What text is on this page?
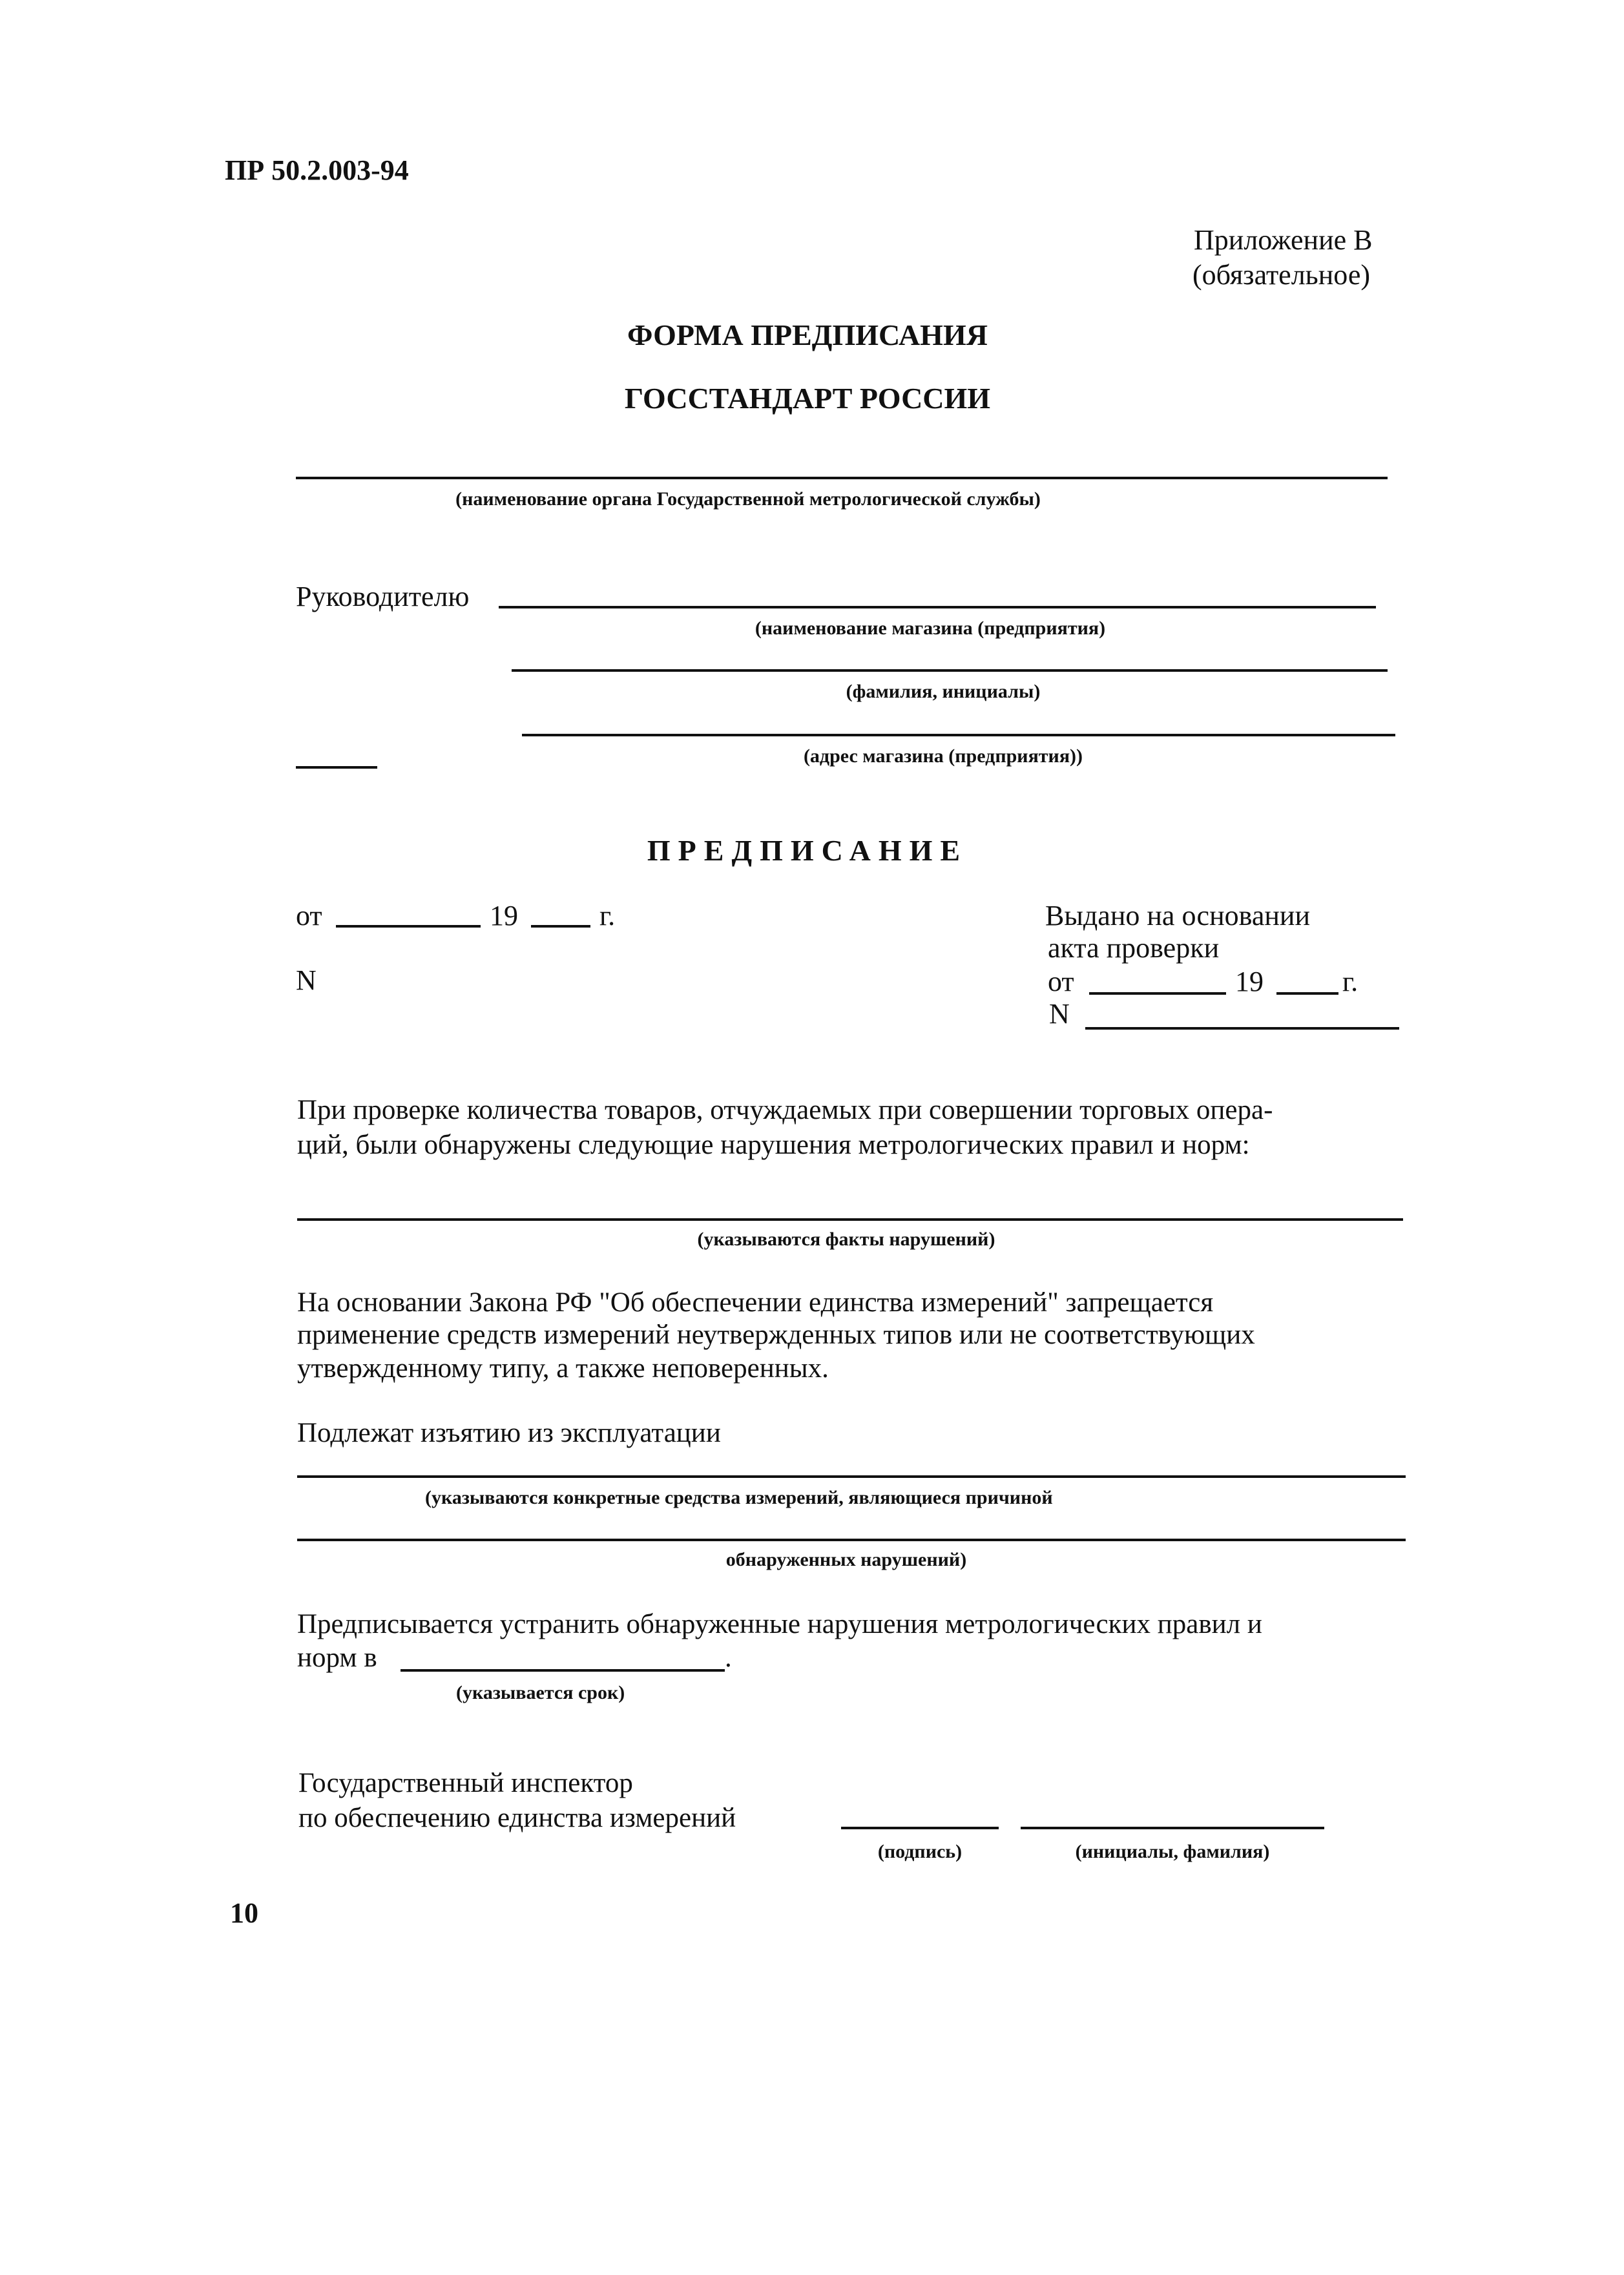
ПР 50.2.003-94
Приложение В
(обязательное)
ФОРМА ПРЕДПИСАНИЯ
ГОССТАНДАРТ РОССИИ
(наименование органа Государственной метрологической службы)
Руководителю
(наименование магазина (предприятия)
(фамилия, инициалы)
(адрес магазина (предприятия))
ПРЕДПИСАНИЕ
от	19	г.
N
Выдано на основании
акта проверки
от	19	г.
N
При проверке количества товаров, отчуждаемых при совершении торговых опера-
ций, были обнаружены следующие нарушения метрологических правил и норм:
(указываются факты нарушений)
На основании Закона РФ "Об обеспечении единства измерений" запрещается
применение средств измерений неутвержденных типов или не соответствующих
утвержденному типу, а также неповеренных.
Подлежат изъятию из эксплуатации
(указываются конкретные средства измерений, являющиеся причиной
обнаруженных нарушений)
Предписывается устранить обнаруженные нарушения метрологических правил и
норм в	.
(указывается срок)
Государственный инспектор
по обеспечению единства измерений
(подпись)	(инициалы, фамилия)
10
